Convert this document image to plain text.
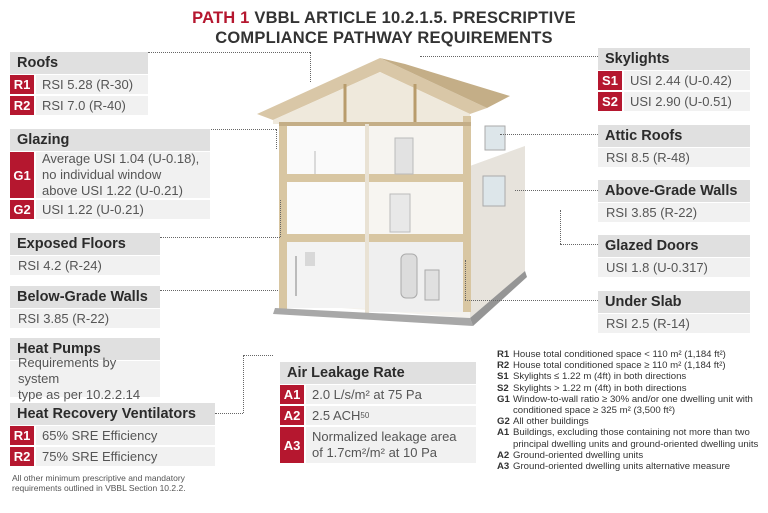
PATH 1 VBBL ARTICLE 10.2.1.5. PRESCRIPTIVE
COMPLIANCE PATHWAY REQUIREMENTS
Roofs
R1 RSI 5.28 (R-30)
R2 RSI 7.0 (R-40)
Glazing
G1
Average USI 1.04 (U-0.18),
no individual window
above USI 1.22 (U-0.21)
G2 USI 1.22 (U-0.21)
Exposed Floors
RSI 4.2 (R-24)
Below-Grade Walls
RSI 3.85 (R-22)
Heat Pumps
Requirements by system
type as per 10.2.2.14
Heat Recovery Ventilators
R1 65% SRE Efficiency
R2 75% SRE Efficiency
All other minimum prescriptive and mandatory
requirements outlined in VBBL Section 10.2.2.
Skylights
S1 USI 2.44 (U-0.42)
S2 USI 2.90 (U-0.51)
Attic Roofs
RSI 8.5 (R-48)
Above-Grade Walls
RSI 3.85 (R-22)
Glazed Doors
USI 1.8 (U-0.317)
Under Slab
RSI 2.5 (R-14)
Air Leakage Rate
A1 2.0 L/s/m² at 75 Pa
A2 2.5 ACH 50
A3
Normalized leakage area
of 1.7cm²/m² at 10 Pa
R1 House total conditioned space < 110 m² (1,184 ft²)
R2 House total conditioned space ≥ 110 m² (1,184 ft²)
S1 Skylights ≤ 1.22 m (4ft) in both directions
S2 Skylights > 1.22 m (4ft) in both directions
G1 Window-to-wall ratio ≥ 30% and/or one dwelling unit with conditioned space ≥ 325 m² (3,500 ft²)
G2 All other buildings
A1 Buildings, excluding those containing not more than two principal dwelling units and ground-oriented dwelling units
A2 Ground-oriented dwelling units
A3 Ground-oriented dwelling units alternative measure
